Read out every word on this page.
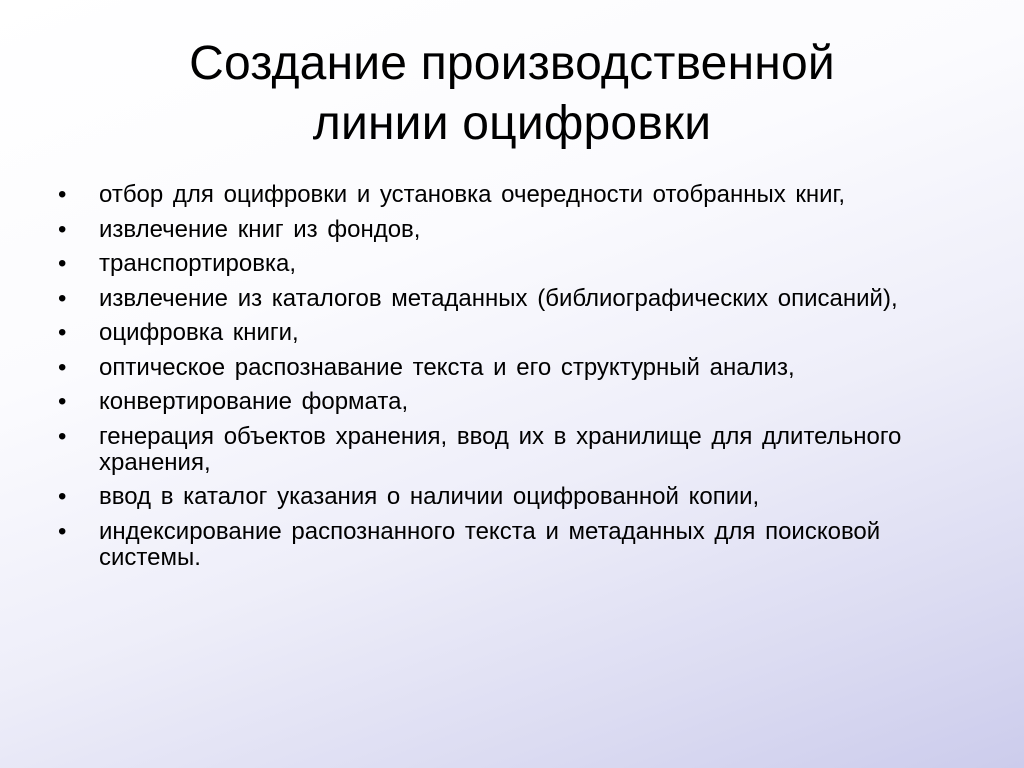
Создание производственной
линии оцифровки
• отбор для оцифровки и установка очередности отобранных книг,
• извлечение книг из фондов,
• транспортировка,
• извлечение из каталогов метаданных (библиографических описаний),
• оцифровка книги,
• оптическое распознавание текста и его структурный анализ,
• конвертирование формата,
• генерация объектов хранения, ввод их в хранилище для длительного хранения,
• ввод в каталог указания о наличии оцифрованной копии,
• индексирование распознанного текста и метаданных для поисковой системы.
